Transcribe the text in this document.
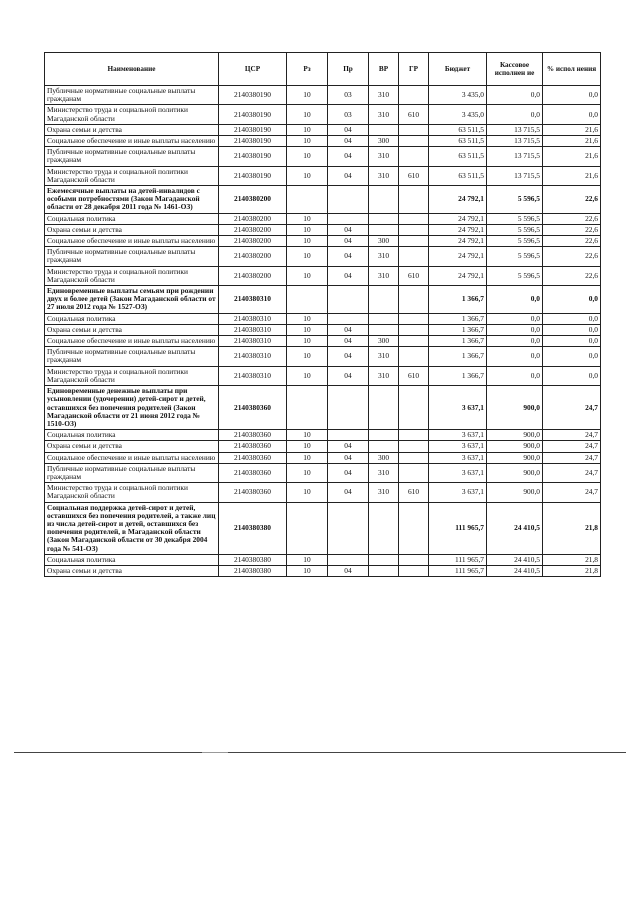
Наименование	ЦСР	Рз	Пр	ВР	ГР	Бюджет	Кассовое исполнен ие	% испол нения
Публичные нормативные социальные выплаты гражданам	2140380190	10	03	310		3 435,0	0,0	0,0
Министерство труда и социальной политики Магаданской области	2140380190	10	03	310	610	3 435,0	0,0	0,0
Охрана семьи и детства	2140380190	10	04			63 511,5	13 715,5	21,6
Социальное обеспечение и иные выплаты населению	2140380190	10	04	300		63 511,5	13 715,5	21,6
Публичные нормативные социальные выплаты гражданам	2140380190	10	04	310		63 511,5	13 715,5	21,6
Министерство труда и социальной политики Магаданской области	2140380190	10	04	310	610	63 511,5	13 715,5	21,6
Ежемесячные выплаты на детей-инвалидов с особыми потребностями (Закон Магаданской области от 28 декабря 2011 года № 1461-ОЗ)	2140380200					24 792,1	5 596,5	22,6
Социальная политика	2140380200	10				24 792,1	5 596,5	22,6
Охрана семьи и детства	2140380200	10	04			24 792,1	5 596,5	22,6
Социальное обеспечение и иные выплаты населению	2140380200	10	04	300		24 792,1	5 596,5	22,6
Публичные нормативные социальные выплаты гражданам	2140380200	10	04	310		24 792,1	5 596,5	22,6
Министерство труда и социальной политики Магаданской области	2140380200	10	04	310	610	24 792,1	5 596,5	22,6
Единовременные выплаты семьям при рождении двух и более детей (Закон Магаданской области от 27 июля 2012 года № 1527-ОЗ)	2140380310					1 366,7	0,0	0,0
Социальная политика	2140380310	10				1 366,7	0,0	0,0
Охрана семьи и детства	2140380310	10	04			1 366,7	0,0	0,0
Социальное обеспечение и иные выплаты населению	2140380310	10	04	300		1 366,7	0,0	0,0
Публичные нормативные социальные выплаты гражданам	2140380310	10	04	310		1 366,7	0,0	0,0
Министерство труда и социальной политики Магаданской области	2140380310	10	04	310	610	1 366,7	0,0	0,0
Единовременные денежные выплаты при усыновлении (удочерении) детей-сирот и детей, оставшихся без попечения родителей (Закон Магаданской области от 21 июня 2012 года № 1510-ОЗ)	2140380360					3 637,1	900,0	24,7
Социальная политика	2140380360	10				3 637,1	900,0	24,7
Охрана семьи и детства	2140380360	10	04			3 637,1	900,0	24,7
Социальное обеспечение и иные выплаты населению	2140380360	10	04	300		3 637,1	900,0	24,7
Публичные нормативные социальные выплаты гражданам	2140380360	10	04	310		3 637,1	900,0	24,7
Министерство труда и социальной политики Магаданской области	2140380360	10	04	310	610	3 637,1	900,0	24,7
Социальная поддержка детей-сирот и детей, оставшихся без попечения родителей, а также лиц из числа детей-сирот и детей, оставшихся без попечения родителей, в Магаданской области (Закон Магаданской области от 30 декабря 2004 года № 541-ОЗ)	2140380380					111 965,7	24 410,5	21,8
Социальная политика	2140380380	10				111 965,7	24 410,5	21,8
Охрана семьи и детства	2140380380	10	04			111 965,7	24 410,5	21,8
